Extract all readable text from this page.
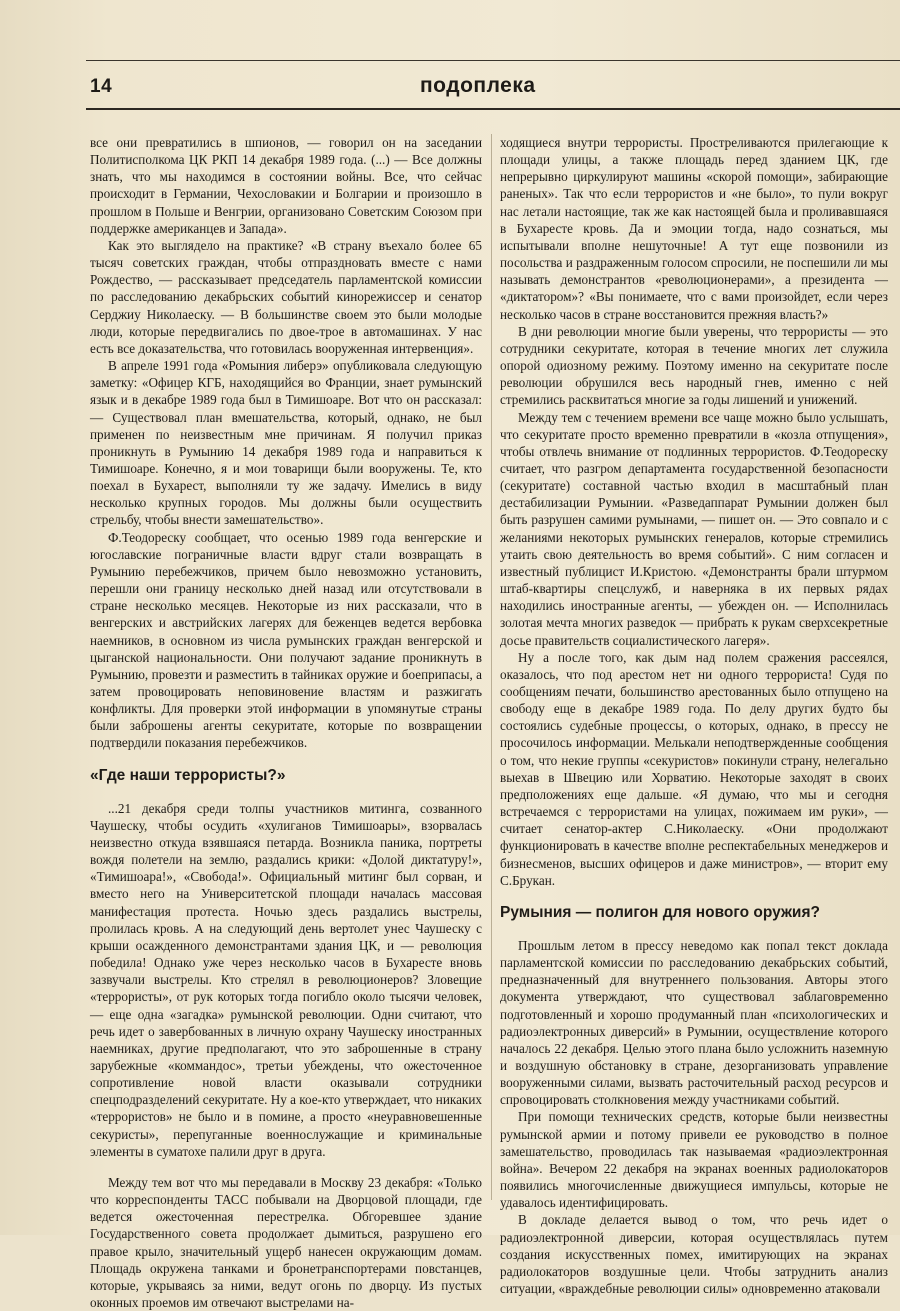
14	подоплека

все они превратились в шпионов, — говорил он на заседании Политисполкома ЦК РКП 14 декабря 1989 года. (...) — Все должны знать, что мы находимся в состоянии войны. Все, что сейчас происходит в Германии, Чехословакии и Болгарии и произошло в прошлом в Польше и Венгрии, организовано Советским Союзом при поддержке американцев и Запада».

Как это выглядело на практике? «В страну въехало более 65 тысяч советских граждан, чтобы отпраздновать вместе с нами Рождество, — рассказывает председатель парламентской комиссии по расследованию декабрьских событий кинорежиссер и сенатор Серджиу Николаеску. — В большинстве своем это были молодые люди, которые передвигались по двое-трое в автомашинах. У нас есть все доказательства, что готовилась вооруженная интервенция».

В апреле 1991 года «Ромыния либерэ» опубликовала следующую заметку: «Офицер КГБ, находящийся во Франции, знает румынский язык и в декабре 1989 года был в Тимишоаре. Вот что он рассказал: — Существовал план вмешательства, который, однако, не был применен по неизвестным мне причинам. Я получил приказ проникнуть в Румынию 14 декабря 1989 года и направиться к Тимишоаре. Конечно, я и мои товарищи были вооружены. Те, кто поехал в Бухарест, выполняли ту же задачу. Имелись в виду несколько крупных городов. Мы должны были осуществить стрельбу, чтобы внести замешательство».

Ф.Теодореску сообщает, что осенью 1989 года венгерские и югославские пограничные власти вдруг стали возвращать в Румынию перебежчиков, причем было невозможно установить, перешли они границу несколько дней назад или отсутствовали в стране несколько месяцев. Некоторые из них рассказали, что в венгерских и австрийских лагерях для беженцев ведется вербовка наемников, в основном из числа румынских граждан венгерской и цыганской национальности. Они получают задание проникнуть в Румынию, провезти и разместить в тайниках оружие и боеприпасы, а затем провоцировать неповиновение властям и разжигать конфликты. Для проверки этой информации в упомянутые страны были заброшены агенты секуритате, которые по возвращении подтвердили показания перебежчиков.

«Где наши террористы?»

...21 декабря среди толпы участников митинга, созванного Чаушеску, чтобы осудить «хулиганов Тимишоары», взорвалась неизвестно откуда взявшаяся петарда. Возникла паника, портреты вождя полетели на землю, раздались крики: «Долой диктатуру!», «Тимишоара!», «Свобода!». Официальный митинг был сорван, и вместо него на Университетской площади началась массовая манифестация протеста. Ночью здесь раздались выстрелы, пролилась кровь. А на следующий день вертолет унес Чаушеску с крыши осажденного демонстрантами здания ЦК, и — революция победила! Однако уже через несколько часов в Бухаресте вновь зазвучали выстрелы. Кто стрелял в революционеров? Зловещие «террористы», от рук которых тогда погибло около тысячи человек, — еще одна «загадка» румынской революции. Одни считают, что речь идет о завербованных в личную охрану Чаушеску иностранных наемниках, другие предполагают, что это заброшенные в страну зарубежные «коммандос», третьи убеждены, что ожесточенное сопротивление новой власти оказывали сотрудники спецподразделений секуритате. Ну а кое-кто утверждает, что никаких «террористов» не было и в помине, а просто «неуравновешенные секуристы», перепуганные военнослужащие и криминальные элементы в суматохе палили друг в друга.

Между тем вот что мы передавали в Москву 23 декабря: «Только что корреспонденты ТАСС побывали на Дворцовой площади, где ведется ожесточенная перестрелка. Обгоревшее здание Государственного совета продолжает дымиться, разрушено его правое крыло, значительный ущерб нанесен окружающим домам. Площадь окружена танками и бронетранспортерами повстанцев, которые, укрываясь за ними, ведут огонь по дворцу. Из пустых оконных проемов им отвечают выстрелами на-

ходящиеся внутри террористы. Простреливаются прилегающие к площади улицы, а также площадь перед зданием ЦК, где непрерывно циркулируют машины «скорой помощи», забирающие раненых». Так что если террористов и «не было», то пули вокруг нас летали настоящие, так же как настоящей была и проливавшаяся в Бухаресте кровь. Да и эмоции тогда, надо сознаться, мы испытывали вполне нешуточные! А тут еще позвонили из посольства и раздраженным голосом спросили, не поспешили ли мы называть демонстрантов «революционерами», а президента — «диктатором»? «Вы понимаете, что с вами произойдет, если через несколько часов в стране восстановится прежняя власть?»

В дни революции многие были уверены, что террористы — это сотрудники секуритате, которая в течение многих лет служила опорой одиозному режиму. Поэтому именно на секуритате после революции обрушился весь народный гнев, именно с ней стремились расквитаться многие за годы лишений и унижений.

Между тем с течением времени все чаще можно было услышать, что секуритате просто временно превратили в «козла отпущения», чтобы отвлечь внимание от подлинных террористов. Ф.Теодореску считает, что разгром департамента государственной безопасности (секуритате) составной частью входил в масштабный план дестабилизации Румынии. «Разведаппарат Румынии должен был быть разрушен самими румынами, — пишет он. — Это совпало и с желаниями некоторых румынских генералов, которые стремились утаить свою деятельность во время событий». С ним согласен и известный публицист И.Кристою. «Демонстранты брали штурмом штаб-квартиры спецслужб, и наверняка в их первых рядах находились иностранные агенты, — убежден он. — Исполнилась золотая мечта многих разведок — прибрать к рукам сверхсекретные досье правительств социалистического лагеря».

Ну а после того, как дым над полем сражения рассеялся, оказалось, что под арестом нет ни одного террориста! Судя по сообщениям печати, большинство арестованных было отпущено на свободу еще в декабре 1989 года. По делу других будто бы состоялись судебные процессы, о которых, однако, в прессу не просочилось информации. Мелькали неподтвержденные сообщения о том, что некие группы «секуристов» покинули страну, нелегально выехав в Швецию или Хорватию. Некоторые заходят в своих предположениях еще дальше. «Я думаю, что мы и сегодня встречаемся с террористами на улицах, пожимаем им руки», — считает сенатор-актер С.Николаеску. «Они продолжают функционировать в качестве вполне респектабельных менеджеров и бизнесменов, высших офицеров и даже министров», — вторит ему С.Брукан.

Румыния — полигон для нового оружия?

Прошлым летом в прессу неведомо как попал текст доклада парламентской комиссии по расследованию декабрьских событий, предназначенный для внутреннего пользования. Авторы этого документа утверждают, что существовал заблаговременно подготовленный и хорошо продуманный план «психологических и радиоэлектронных диверсий» в Румынии, осуществление которого началось 22 декабря. Целью этого плана было усложнить наземную и воздушную обстановку в стране, дезорганизовать управление вооруженными силами, вызвать расточительный расход ресурсов и спровоцировать столкновения между участниками событий.

При помощи технических средств, которые были неизвестны румынской армии и потому привели ее руководство в полное замешательство, проводилась так называемая «радиоэлектронная война». Вечером 22 декабря на экранах военных радиолокаторов появились многочисленные движущиеся импульсы, которые не удавалось идентифицировать.

В докладе делается вывод о том, что речь идет о радиоэлектронной диверсии, которая осуществлялась путем создания искусственных помех, имитирующих на экранах радиолокаторов воздушные цели. Чтобы затруднить анализ ситуации, «враждебные революции силы» одновременно атаковали
